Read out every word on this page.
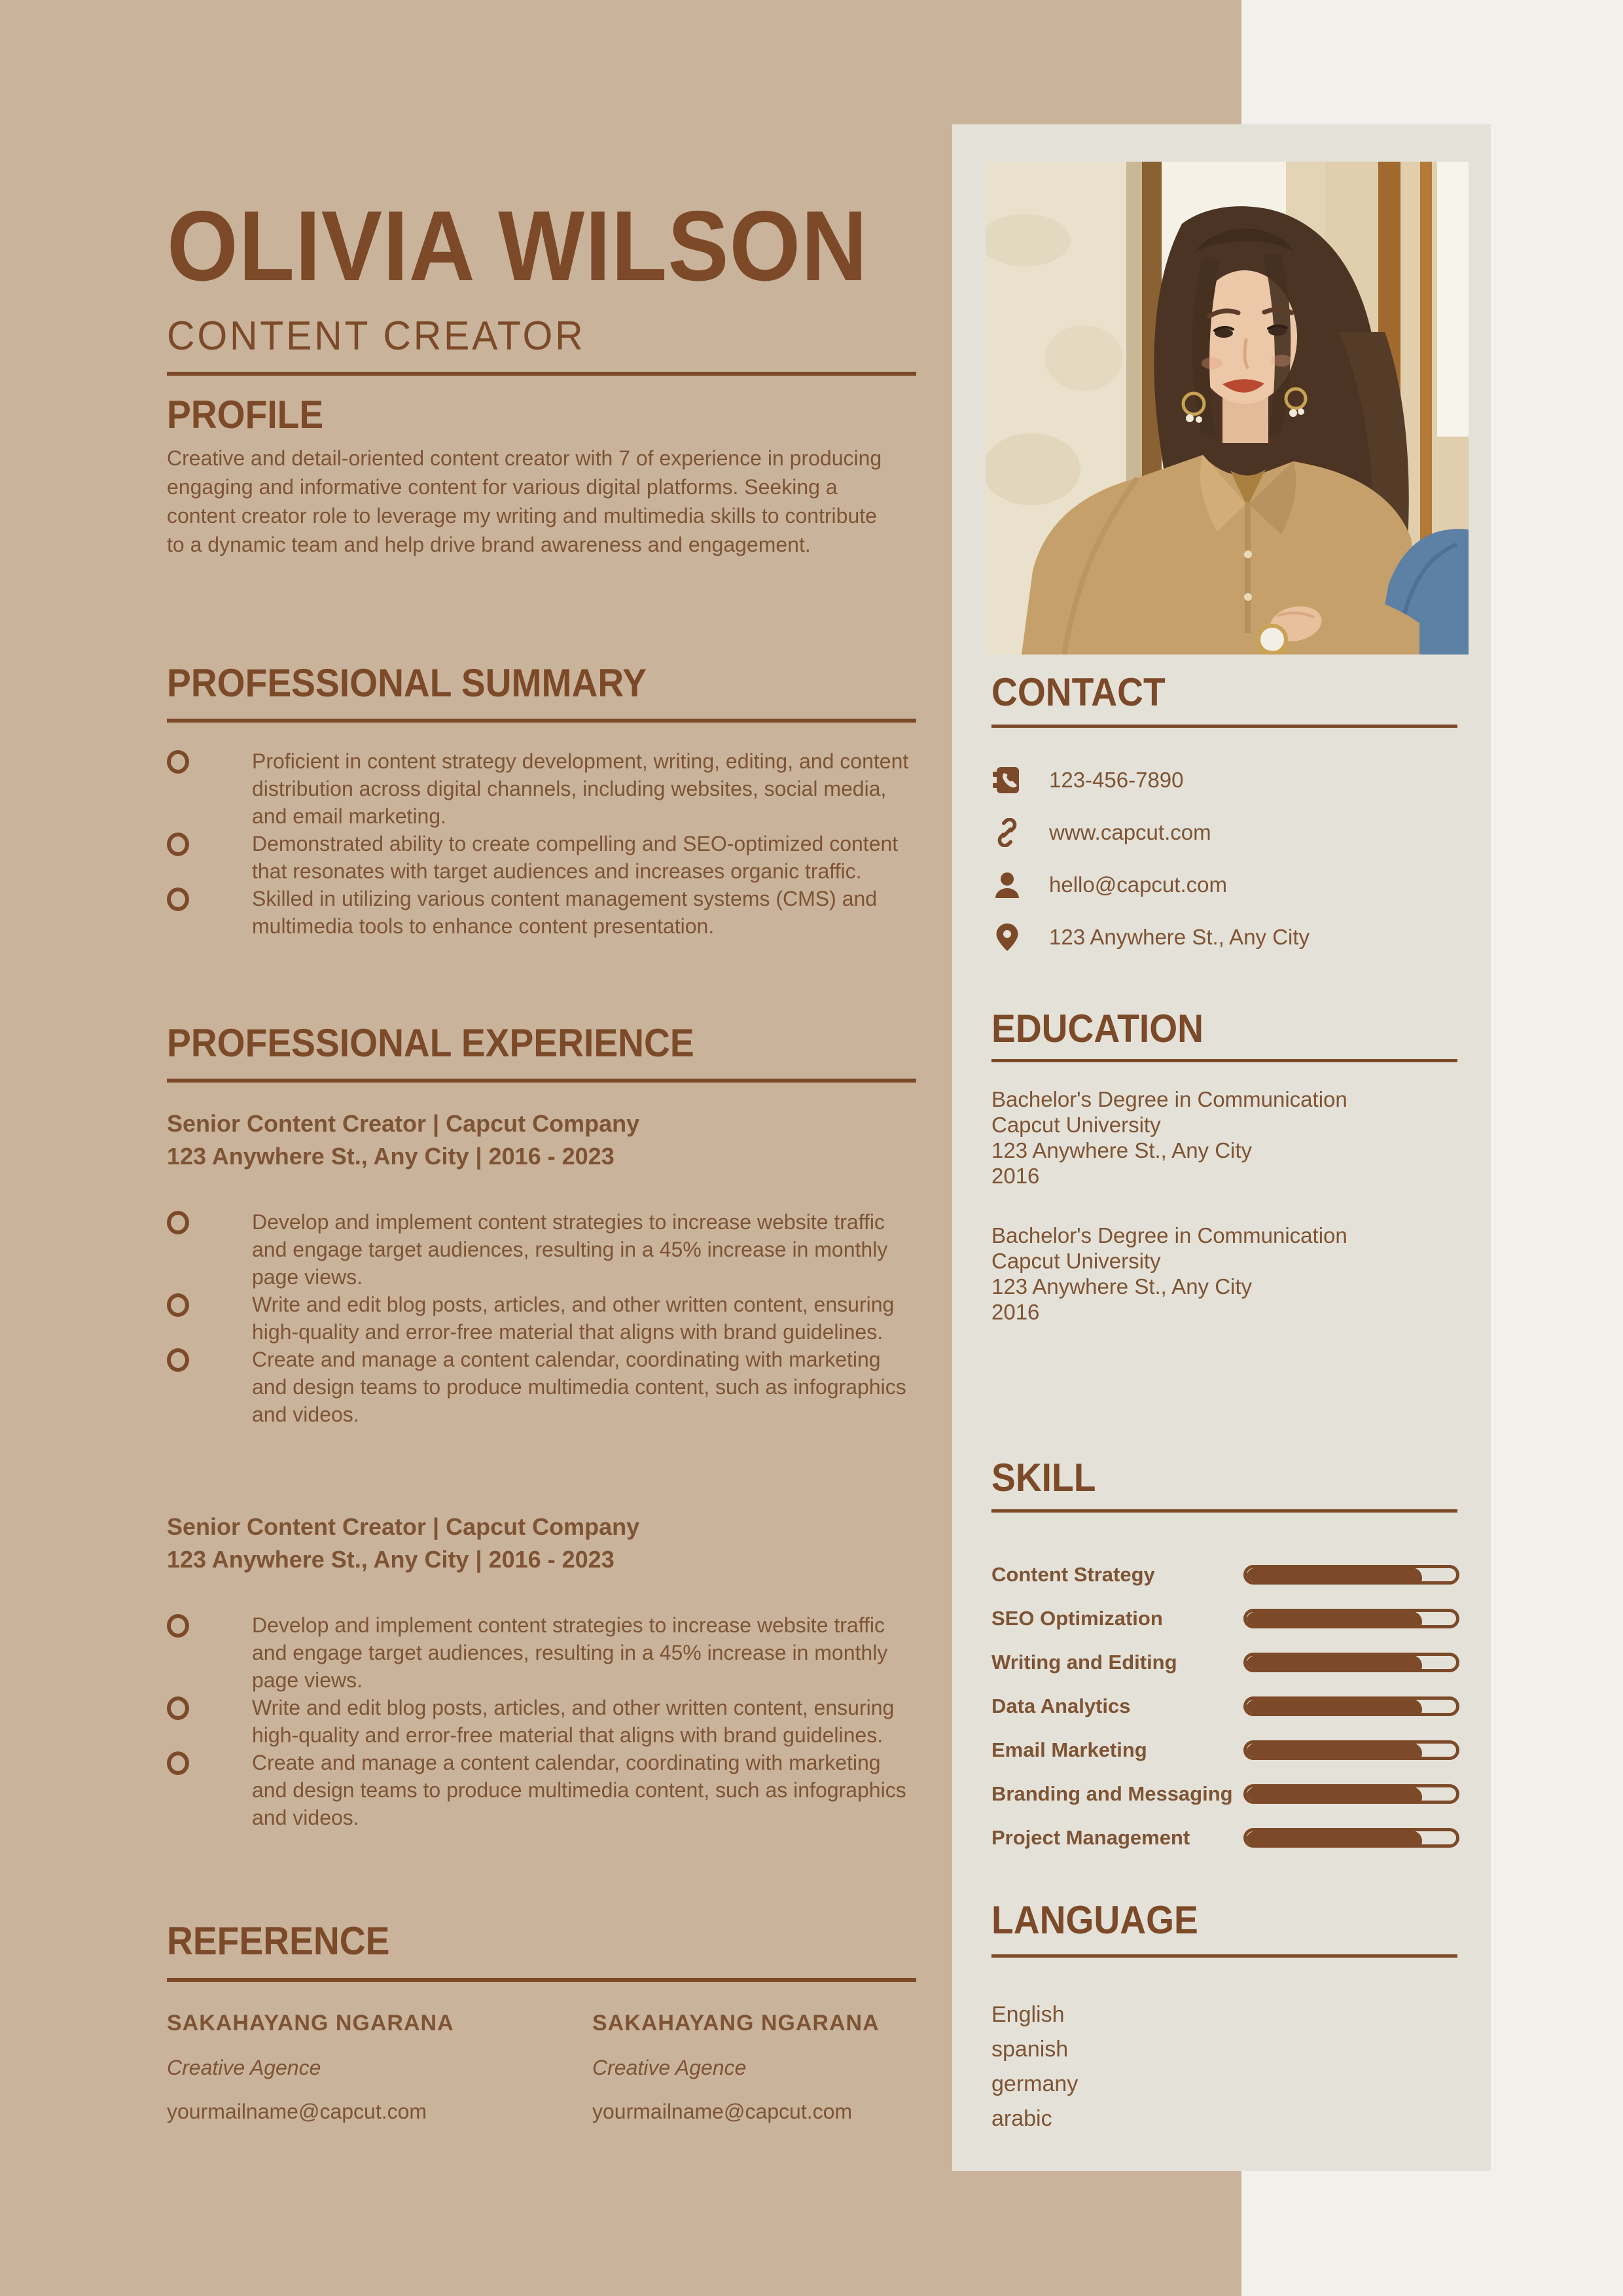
OLIVIA WILSON
CONTENT CREATOR
PROFILE

Creative and detail-oriented content creator with 7 of experience in producing engaging and informative content for various digital platforms. Seeking a content creator role to leverage my writing and multimedia skills to contribute to a dynamic team and help drive brand awareness and engagement.

PROFESSIONAL SUMMARY

Proficient in content strategy development, writing, editing, and content distribution across digital channels, including websites, social media, and email marketing.

Demonstrated ability to create compelling and SEO-optimized content that resonates with target audiences and increases organic traffic.

Skilled in utilizing various content management systems (CMS) and multimedia tools to enhance content presentation.

PROFESSIONAL EXPERIENCE
Senior Content Creator | Capcut Company
123 Anywhere St., Any City | 2016 - 2023

Develop and implement content strategies to increase website traffic and engage target audiences, resulting in a 45% increase in monthly page views.

Write and edit blog posts, articles, and other written content, ensuring high-quality and error-free material that aligns with brand guidelines.

Create and manage a content calendar, coordinating with marketing and design teams to produce multimedia content, such as infographics and videos.

Senior Content Creator | Capcut Company
123 Anywhere St., Any City | 2016 - 2023

Develop and implement content strategies to increase website traffic and engage target audiences, resulting in a 45% increase in monthly page views.

Write and edit blog posts, articles, and other written content, ensuring high-quality and error-free material that aligns with brand guidelines.

Create and manage a content calendar, coordinating with marketing and design teams to produce multimedia content, such as infographics and videos.

REFERENCE
SAKAHAYANG NGARANA
Creative Agence
yourmailname@capcut.com
SAKAHAYANG NGARANA
Creative Agence
yourmailname@capcut.com
CONTACT
123-456-7890
www.capcut.com
hello@capcut.com
123 Anywhere St., Any City
EDUCATION
Bachelor's Degree in Communication
Capcut University
123 Anywhere St., Any City
2016
Bachelor's Degree in Communication
Capcut University
123 Anywhere St., Any City
2016
SKILL
Content Strategy
SEO Optimization
Writing and Editing
Data Analytics
Email Marketing
Branding and Messaging
Project Management
LANGUAGE
English
spanish
germany
arabic
